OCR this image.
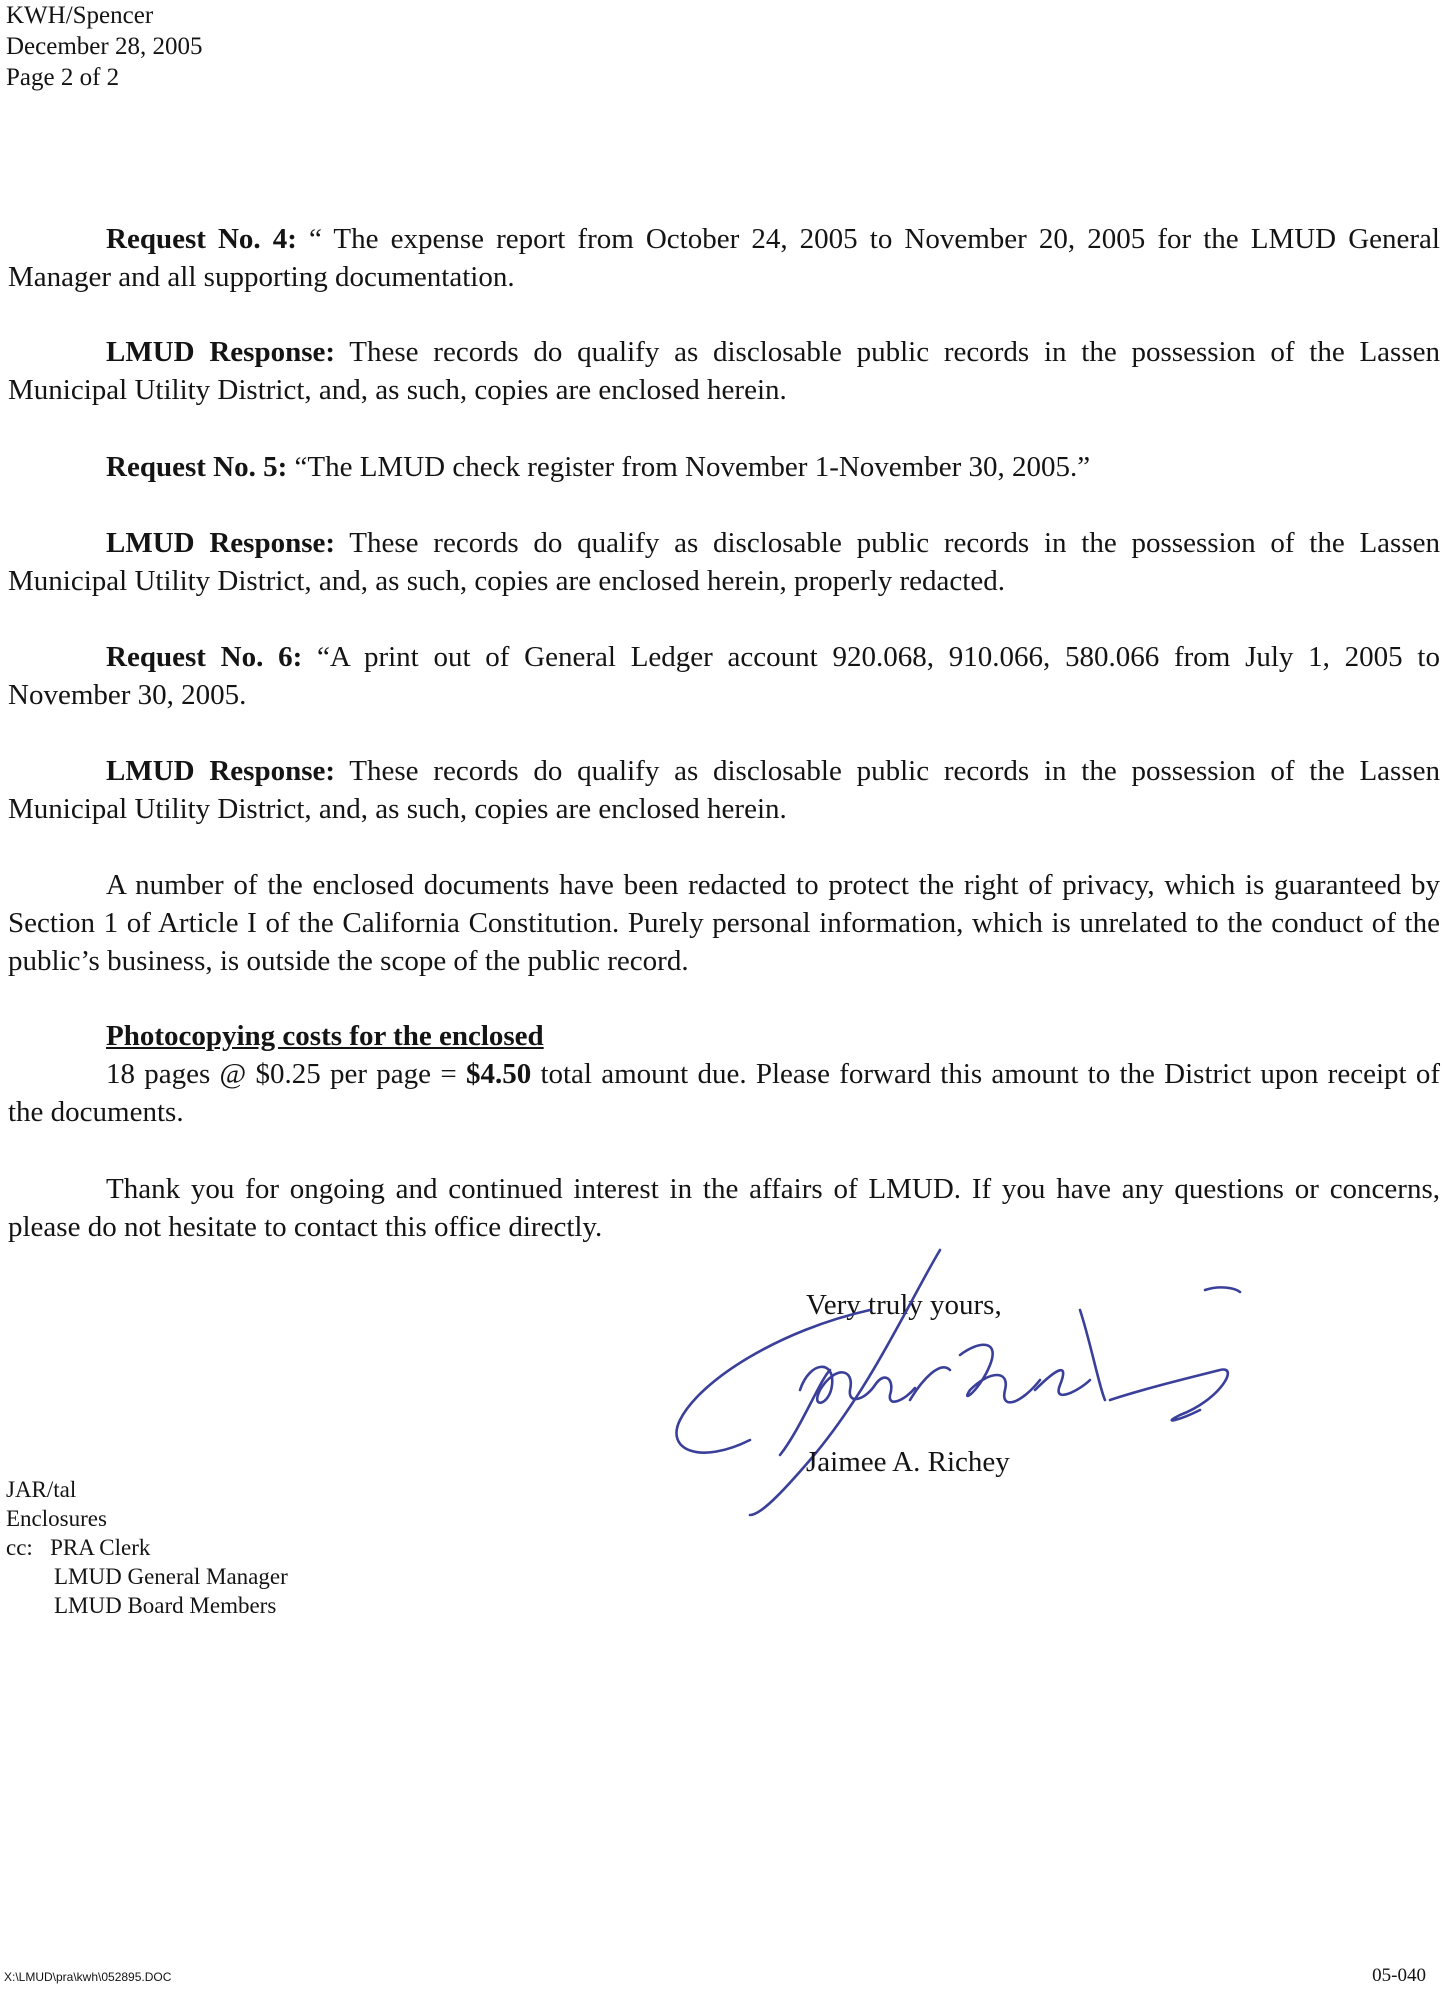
KWH/Spencer
December 28, 2005
Page 2 of 2
Request No. 4: “ The expense report from October 24, 2005 to November 20, 2005 for the LMUD General Manager and all supporting documentation.
LMUD Response: These records do qualify as disclosable public records in the possession of the Lassen Municipal Utility District, and, as such, copies are enclosed herein.
Request No. 5: “The LMUD check register from November 1-November 30, 2005.”
LMUD Response: These records do qualify as disclosable public records in the possession of the Lassen Municipal Utility District, and, as such, copies are enclosed herein, properly redacted.
Request No. 6: “A print out of General Ledger account 920.068, 910.066, 580.066 from July 1, 2005 to November 30, 2005.
LMUD Response: These records do qualify as disclosable public records in the possession of the Lassen Municipal Utility District, and, as such, copies are enclosed herein.
A number of the enclosed documents have been redacted to protect the right of privacy, which is guaranteed by Section 1 of Article I of the California Constitution. Purely personal information, which is unrelated to the conduct of the public’s business, is outside the scope of the public record.
Photocopying costs for the enclosed
18 pages @ $0.25 per page = $4.50 total amount due. Please forward this amount to the District upon receipt of the documents.
Thank you for ongoing and continued interest in the affairs of LMUD. If you have any questions or concerns, please do not hesitate to contact this office directly.
Very truly yours,
Jaimee A. Richey
JAR/tal
Enclosures
cc: PRA Clerk
LMUD General Manager
LMUD Board Members
X:\LMUD\pra\kwh\052895.DOC	05-040
